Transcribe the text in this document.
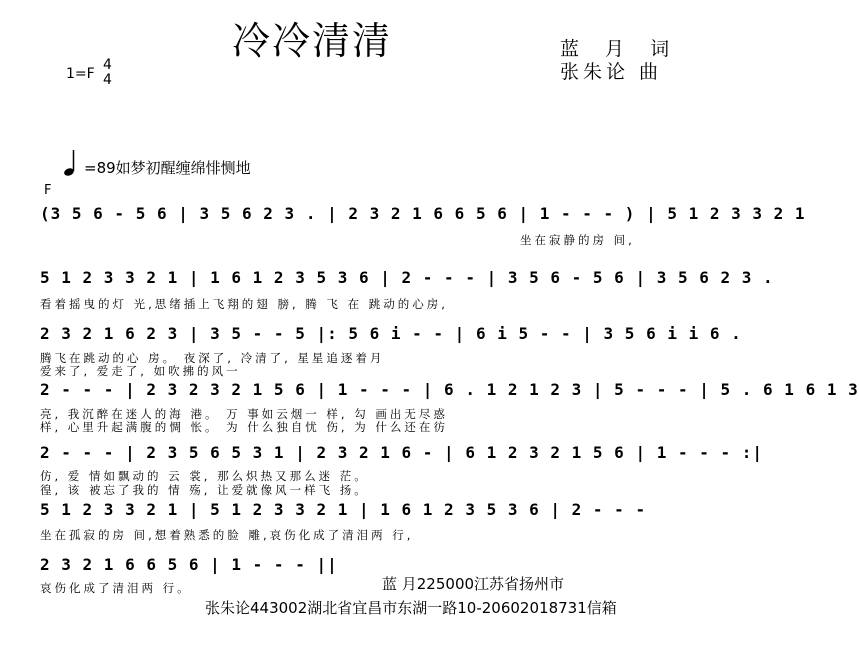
冷冷清清	蓝 月 词
张朱论 曲
1=F
4
4
=89如梦初醒缠绵悱恻地
F
(3 5 6 - 5 6 | 3 5 6 2 3 . | 2 3 2 1 6 6 5 6 | 1 - - - ) | 5 1 2 3 3 2 1
坐在寂静的房 间,
5 1 2 3 3 2 1 | 1 6 1 2 3 5 3 6 | 2 - - - | 3 5 6 - 5 6 | 3 5 6 2 3 .
看着摇曳的灯 光,思绪插上飞翔的翅 膀, 腾 飞 在 跳动的心房,
2 3 2 1 6 2 3 | 3 5 - - 5 |: 5 6 i - - | 6 i 5 - - | 3 5 6 i i 6 .
腾飞在跳动的心 房。 夜深了, 冷清了, 星星追逐着月
爱来了, 爱走了, 如吹拂的风一
2 - - - | 2 3 2 3 2 1 5 6 | 1 - - - | 6 . 1 2 1 2 3 | 5 - - - | 5 . 6 1 6 1 3
亮, 我沉醉在迷人的海 港。 万 事如云烟一 样, 勾 画出无尽惑
样, 心里升起满腹的惆 怅。 为 什么独自忧 伤, 为 什么还在彷
2 - - - | 2 3 5 6 5 3 1 | 2 3 2 1 6 - | 6 1 2 3 2 1 5 6 | 1 - - - :|
仿, 爱 情如飘动的 云 裳, 那么炽热又那么迷 茫。
徨, 该 被忘了我的 情 殇, 让爱就像风一样飞 扬。
5 1 2 3 3 2 1 | 5 1 2 3 3 2 1 | 1 6 1 2 3 5 3 6 | 2 - - -
坐在孤寂的房 间,想着熟悉的脸 雕,哀伤化成了清泪两 行,
2 3 2 1 6 6 5 6 | 1 - - - ||
哀伤化成了清泪两 行。	蓝 月225000江苏省扬州市
张朱论443002湖北省宜昌市东湖一路10-20602018731信箱
